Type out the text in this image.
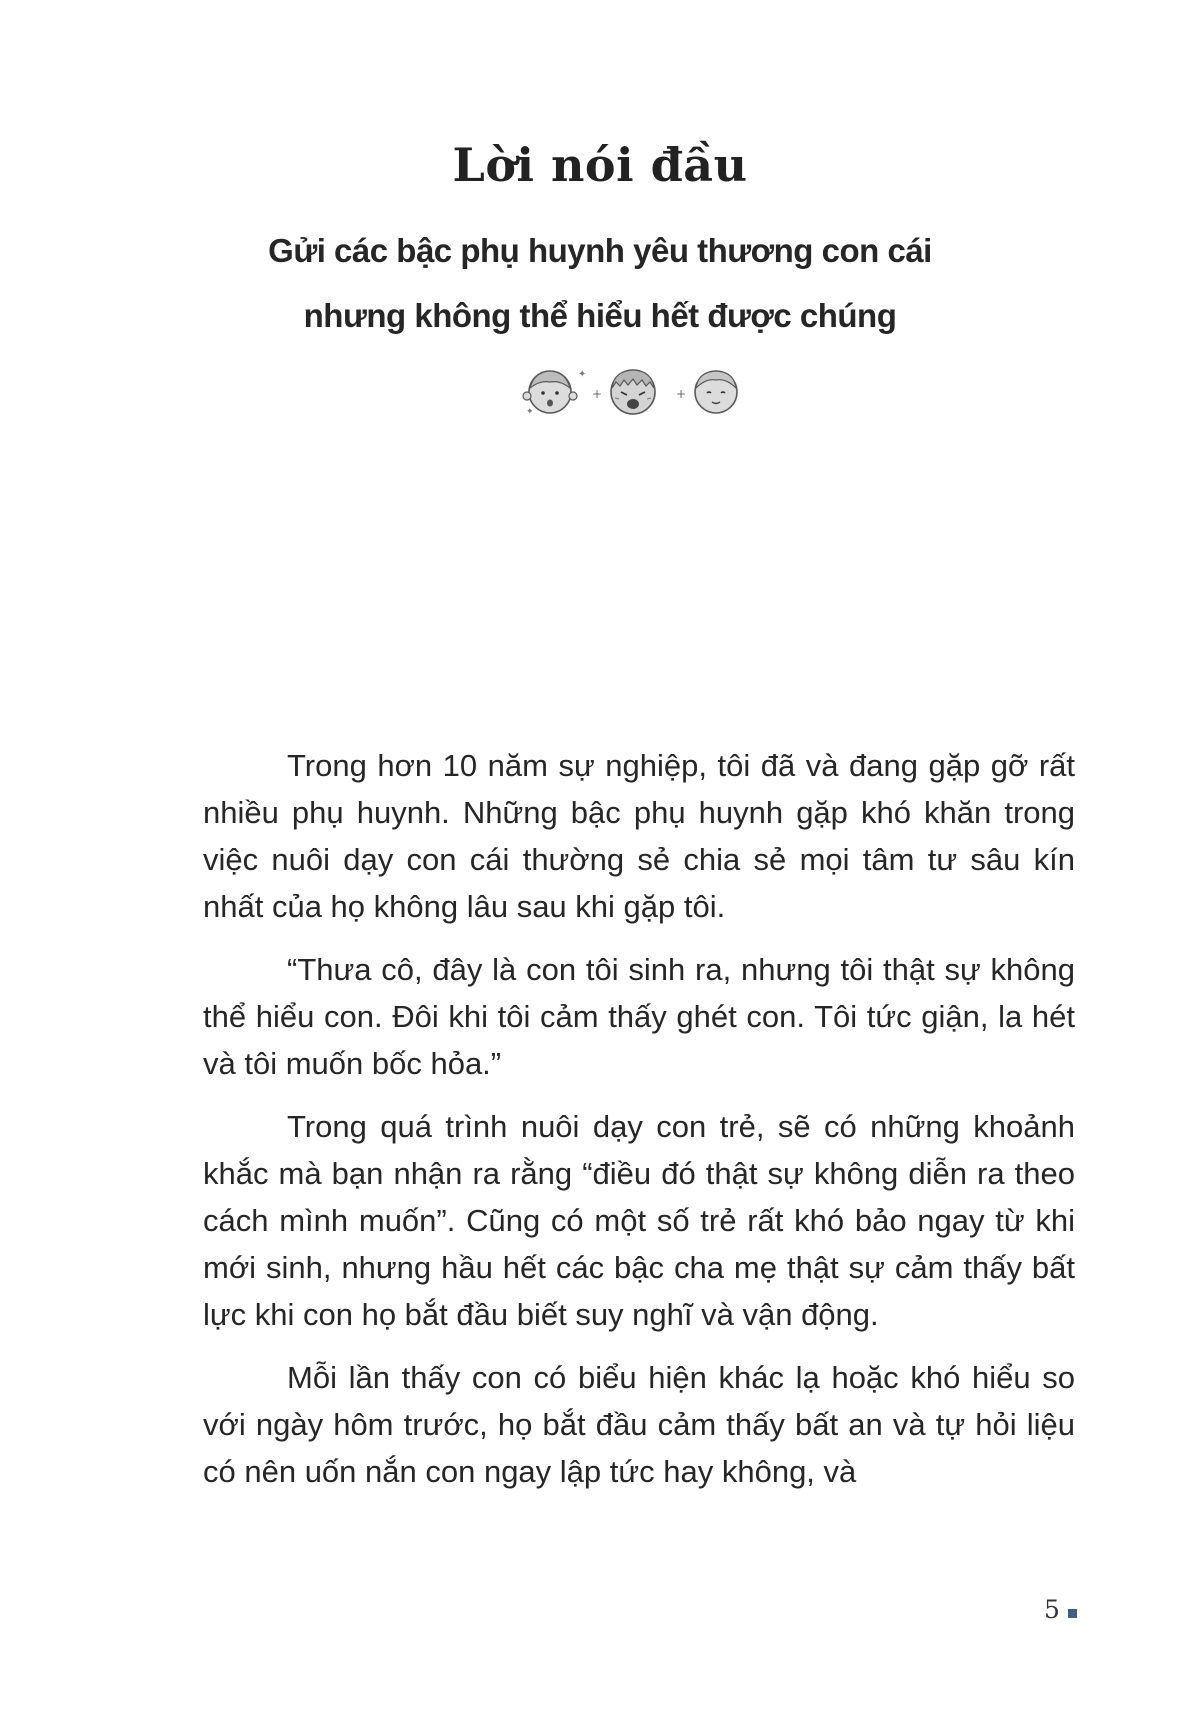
Lời nói đầu
Gửi các bậc phụ huynh yêu thương con cái
nhưng không thể hiểu hết được chúng
✦
✦
+	+

Trong hơn 10 năm sự nghiệp, tôi đã và đang gặp gỡ rất nhiều phụ huynh. Những bậc phụ huynh gặp khó khăn trong việc nuôi dạy con cái thường sẻ chia sẻ mọi tâm tư sâu kín nhất của họ không lâu sau khi gặp tôi.

“Thưa cô, đây là con tôi sinh ra, nhưng tôi thật sự không thể hiểu con. Đôi khi tôi cảm thấy ghét con. Tôi tức giận, la hét và tôi muốn bốc hỏa.”

Trong quá trình nuôi dạy con trẻ, sẽ có những khoảnh khắc mà bạn nhận ra rằng “điều đó thật sự không diễn ra theo cách mình muốn”. Cũng có một số trẻ rất khó bảo ngay từ khi mới sinh, nhưng hầu hết các bậc cha mẹ thật sự cảm thấy bất lực khi con họ bắt đầu biết suy nghĩ và vận động.

Mỗi lần thấy con có biểu hiện khác lạ hoặc khó hiểu so với ngày hôm trước, họ bắt đầu cảm thấy bất an và tự hỏi liệu có nên uốn nắn con ngay lập tức hay không, và

5
